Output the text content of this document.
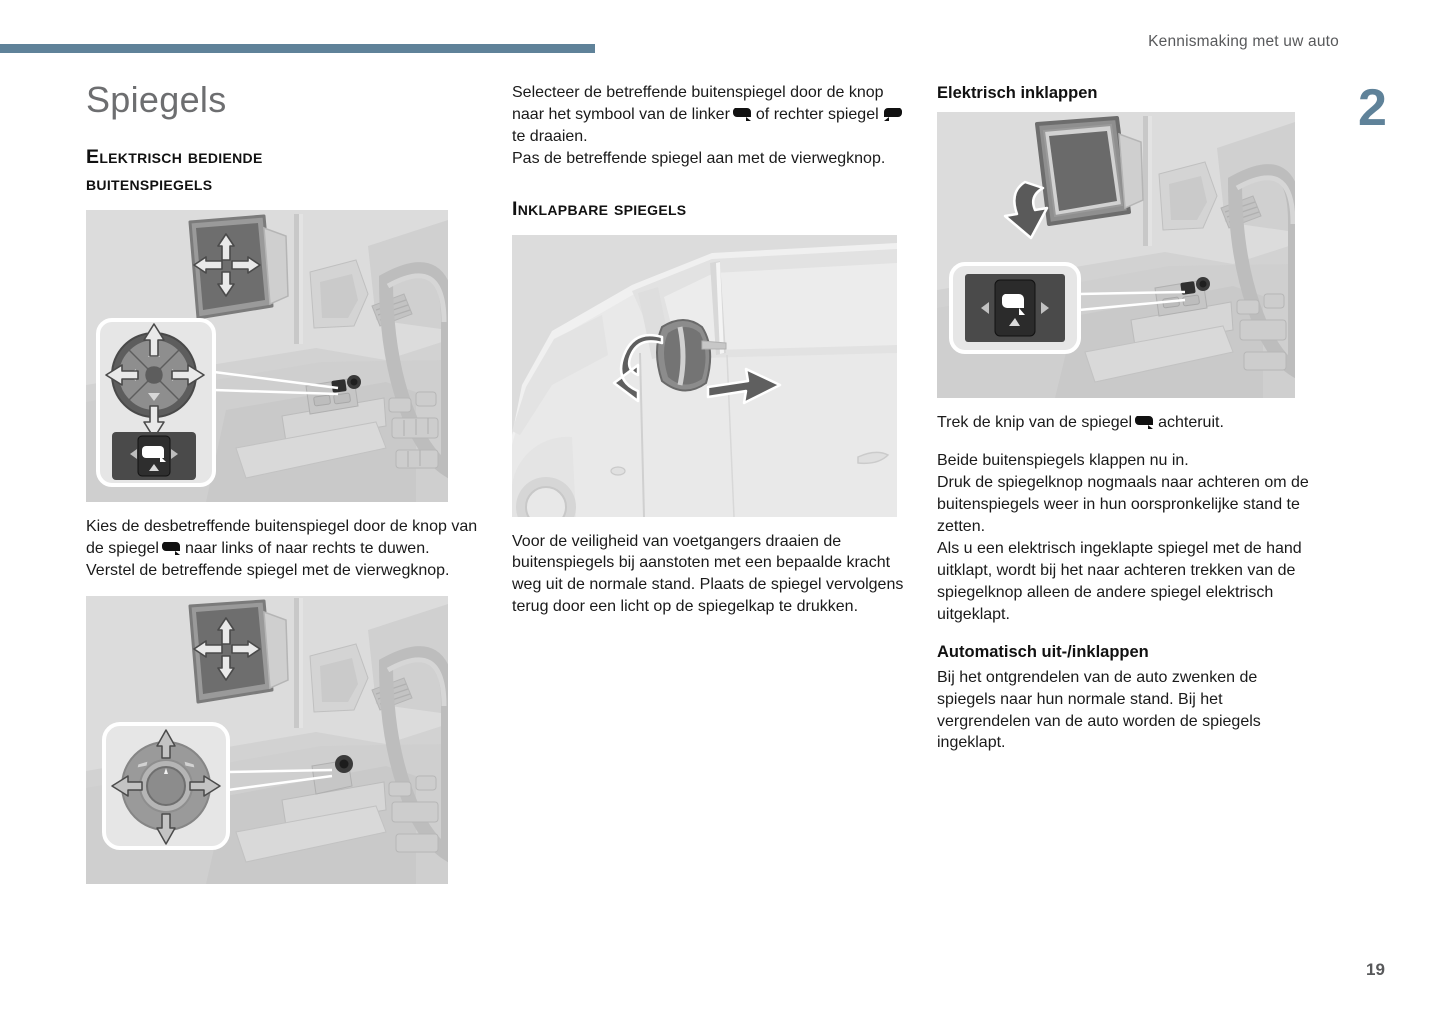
Kennismaking met uw auto
2
19
Spiegels
Elektrisch bediende buitenspiegels

Kies de desbetreffende buitenspiegel door de knop van de spiegel naar links of naar rechts te duwen.

Verstel de betreffende spiegel met de vierwegknop.

Selecteer de betreffende buitenspiegel door de knop naar het symbool van de linker of rechter spiegel
te draaien.

Pas de betreffende spiegel aan met de vierwegknop.

Inklapbare spiegels

Voor de veiligheid van voetgangers draaien de buitenspiegels bij aanstoten met een bepaalde kracht weg uit de normale stand. Plaats de spiegel vervolgens terug door een licht op de spiegelkap te drukken.

Elektrisch inklappen

Trek de knip van de spiegel achteruit.

Beide buitenspiegels klappen nu in.

Druk de spiegelknop nogmaals naar achteren om de buitenspiegels weer in hun oorspronkelijke stand te zetten.

Als u een elektrisch ingeklapte spiegel met de hand uitklapt, wordt bij het naar achteren trekken van de spiegelknop alleen de andere spiegel elektrisch uitgeklapt.

Automatisch uit-/inklappen

Bij het ontgrendelen van de auto zwenken de spiegels naar hun normale stand. Bij het vergrendelen van de auto worden de spiegels ingeklapt.
